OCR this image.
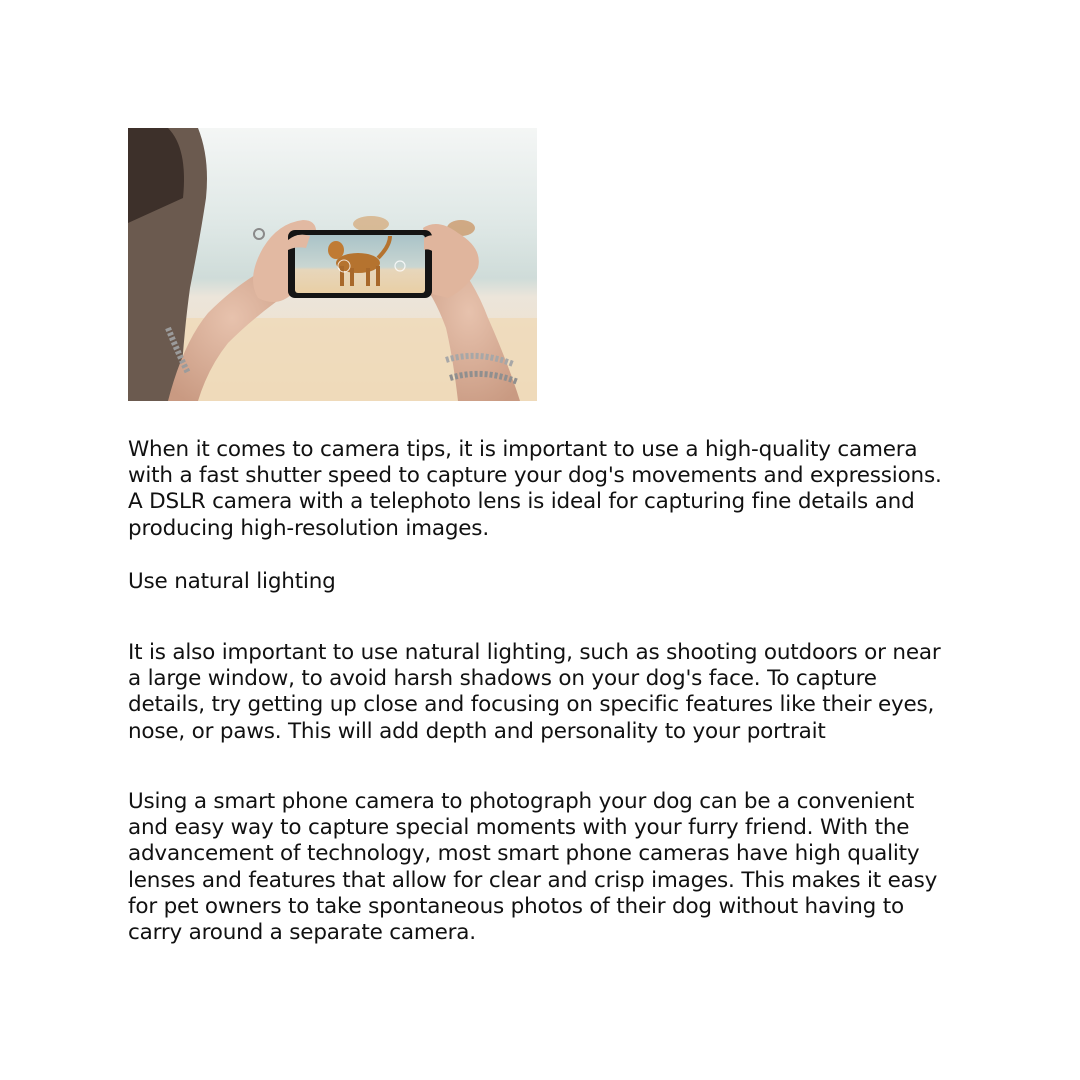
When it comes to camera tips, it is important to use a high-quality camera with a fast shutter speed to capture your dog's movements and expressions. A DSLR camera with a telephoto lens is ideal for capturing fine details and producing high-resolution images.

Use natural lighting

It is also important to use natural lighting, such as shooting outdoors or near a large window, to avoid harsh shadows on your dog's face. To capture details, try getting up close and focusing on specific features like their eyes, nose, or paws. This will add depth and personality to your portrait

Using a smart phone camera to photograph your dog can be a convenient and easy way to capture special moments with your furry friend. With the advancement of technology, most smart phone cameras have high quality lenses and features that allow for clear and crisp images. This makes it easy for pet owners to take spontaneous photos of their dog without having to carry around a separate camera.
